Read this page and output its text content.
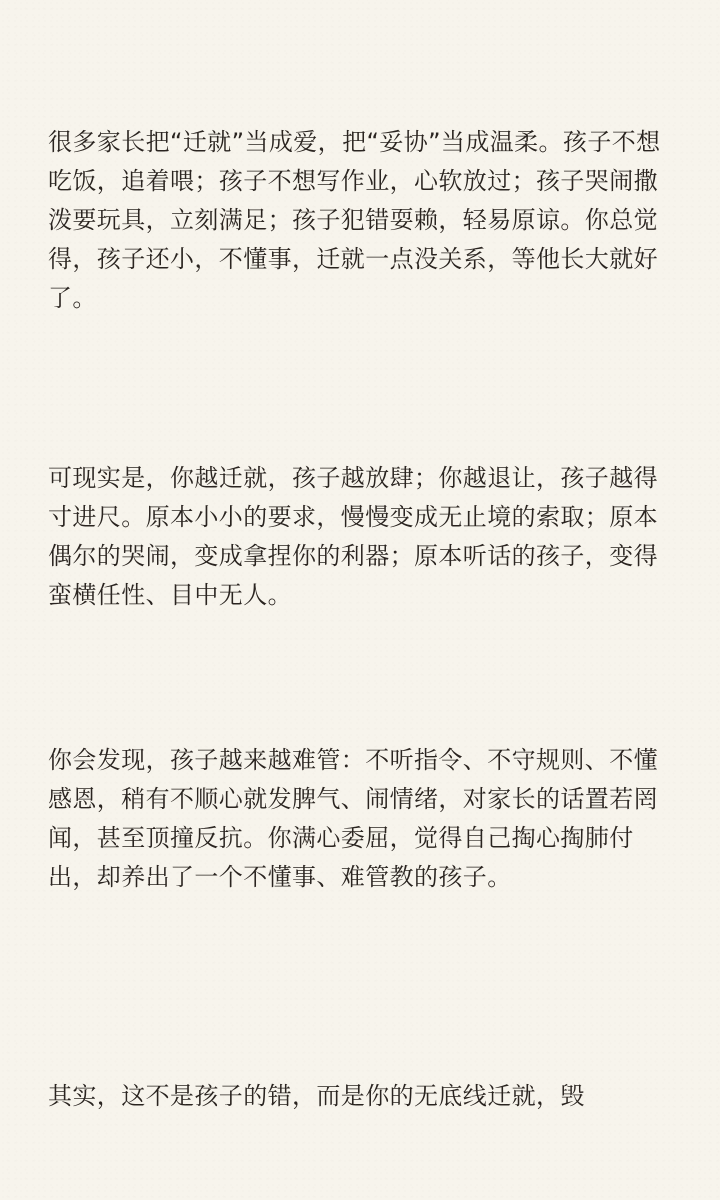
很多家长把“迁就”当成爱，把“妥协”当成温柔。孩子不想吃饭，追着喂；孩子不想写作业，心软放过；孩子哭闹撒泼要玩具，立刻满足；孩子犯错耍赖，轻易原谅。你总觉得，孩子还小，不懂事，迁就一点没关系，等他长大就好了。

可现实是，你越迁就，孩子越放肆；你越退让，孩子越得寸进尺。原本小小的要求，慢慢变成无止境的索取；原本偶尔的哭闹，变成拿捏你的利器；原本听话的孩子，变得蛮横任性、目中无人。

你会发现，孩子越来越难管：不听指令、不守规则、不懂感恩，稍有不顺心就发脾气、闹情绪，对家长的话置若罔闻，甚至顶撞反抗。你满心委屈，觉得自己掏心掏肺付出，却养出了一个不懂事、难管教的孩子。

其实，这不是孩子的错，而是你的无底线迁就，毁
